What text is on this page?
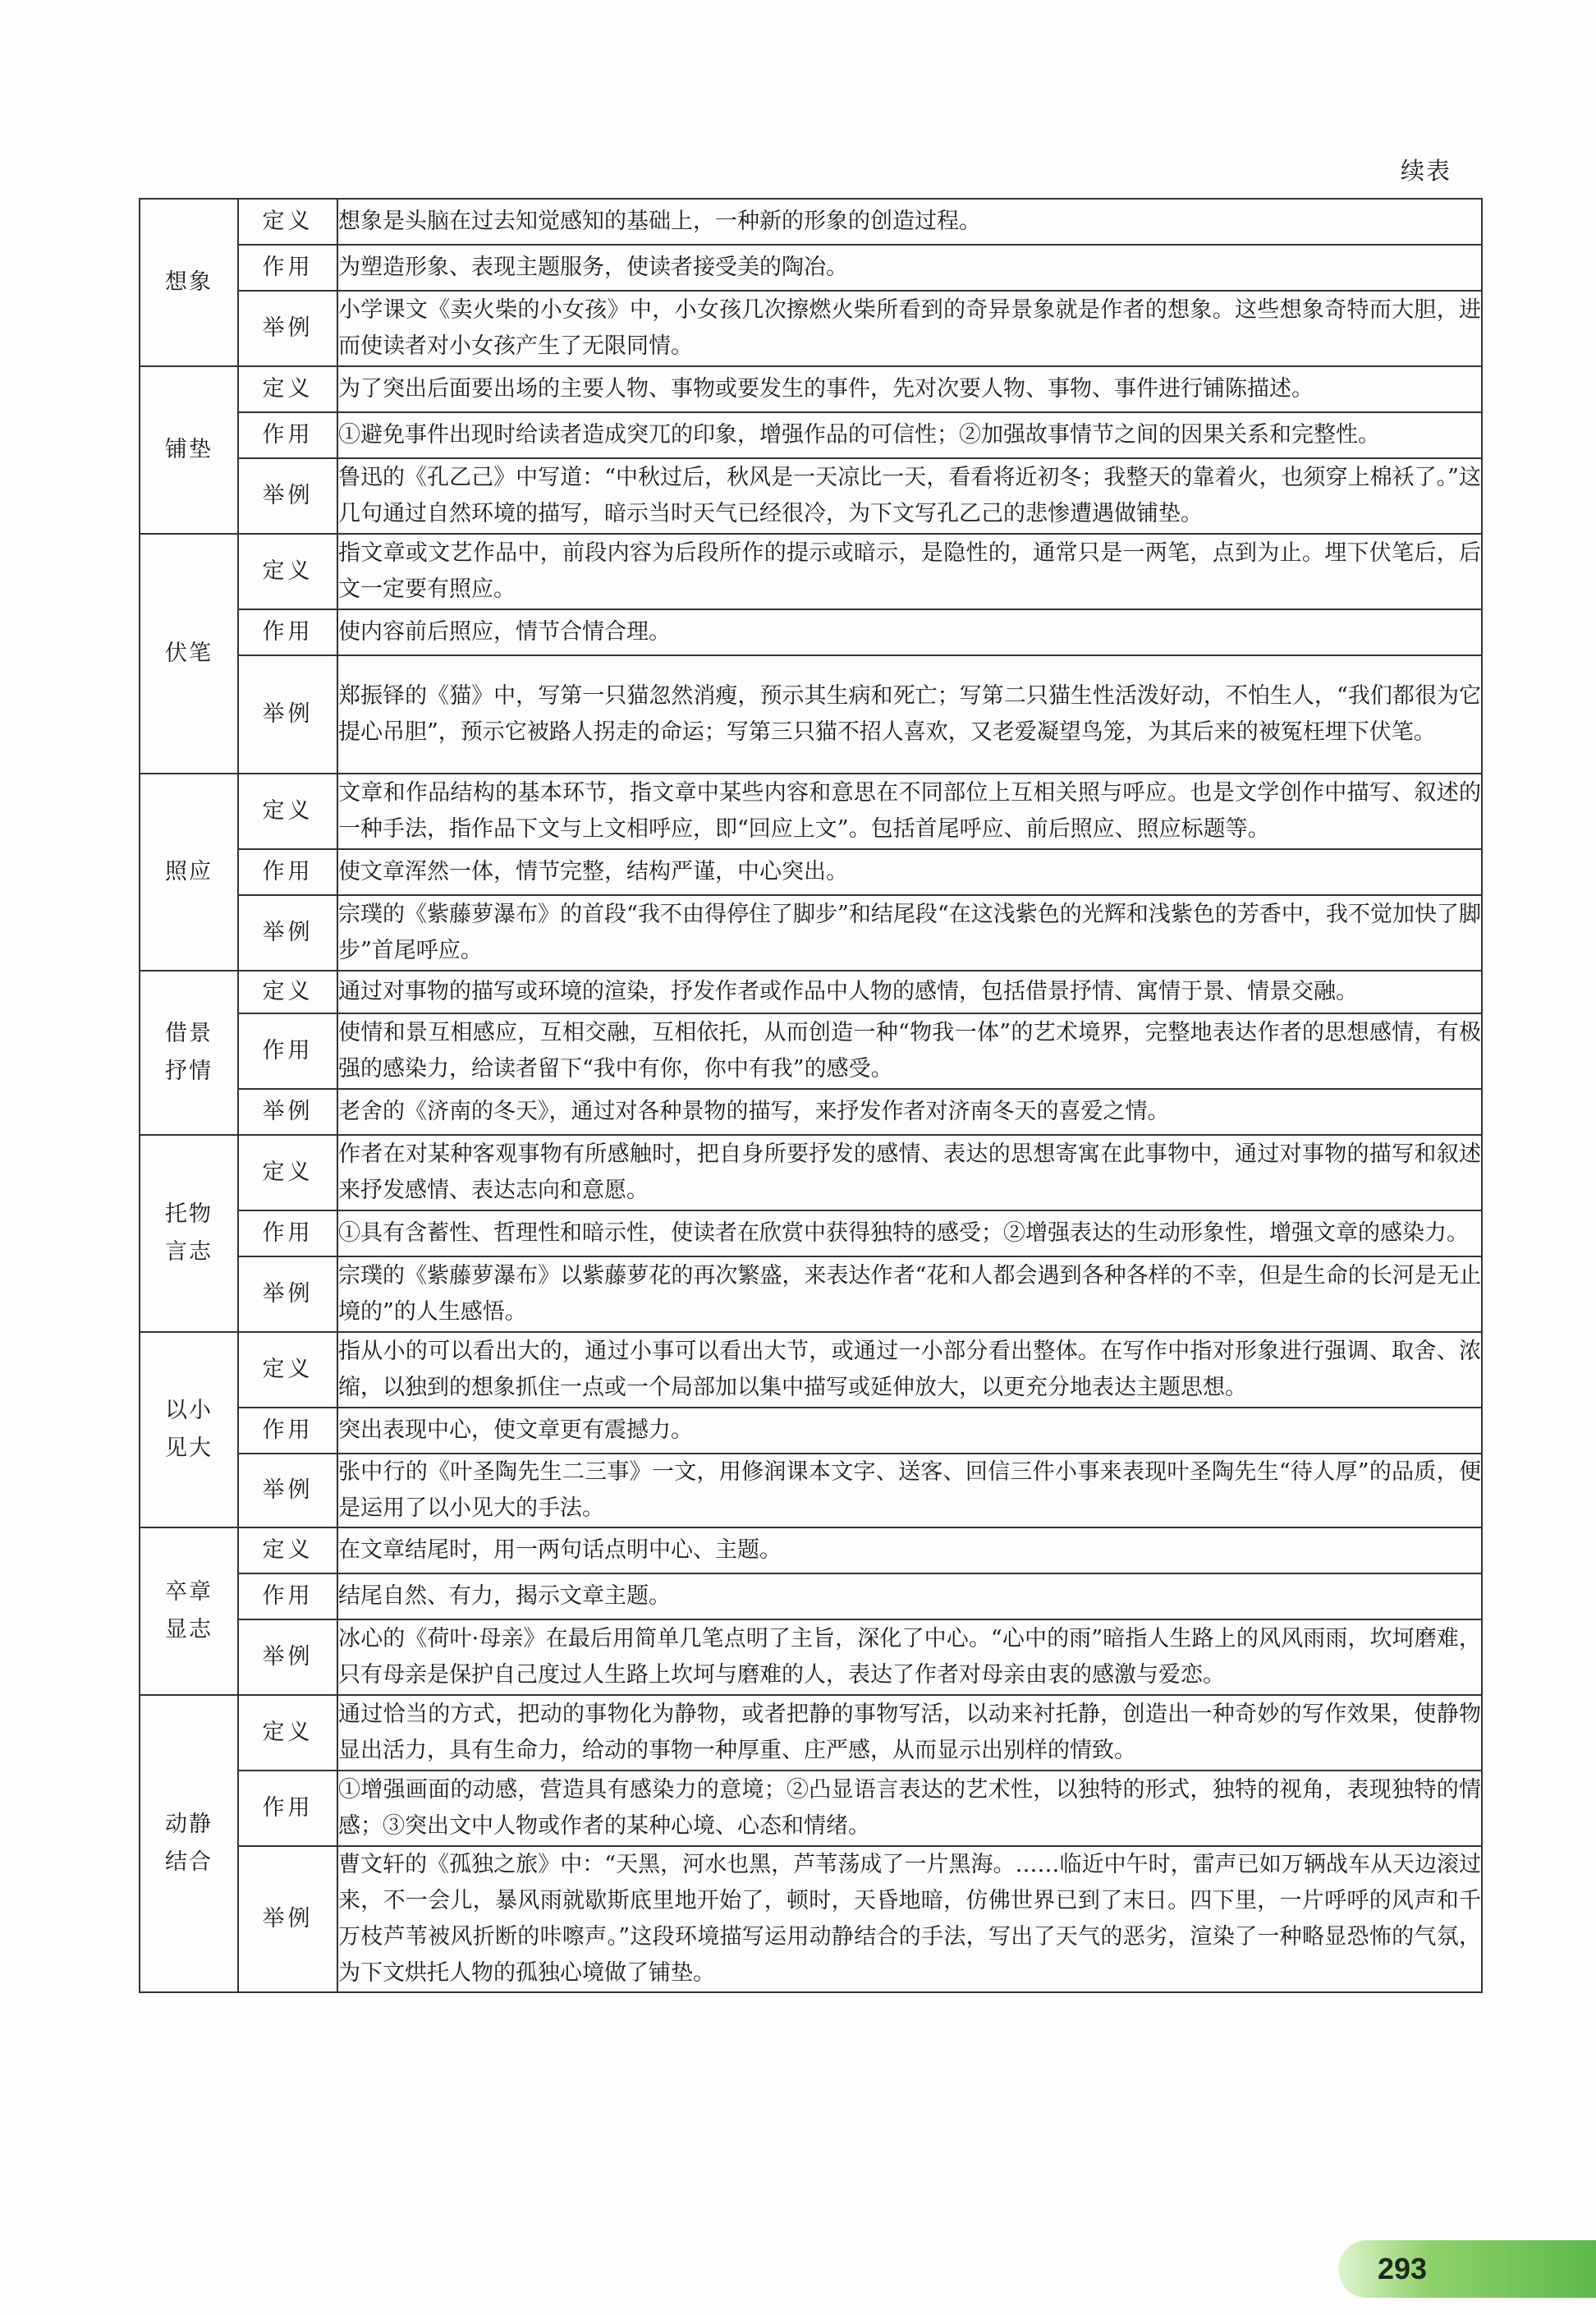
续表
想象	定义	想象是头脑在过去知觉感知的基础上，一种新的形象的创造过程。
	作用	为塑造形象、表现主题服务，使读者接受美的陶冶。
	举例	小学课文《卖火柴的小女孩》中，小女孩几次擦燃火柴所看到的奇异景象就是作者的想象。这些想象奇特而大胆，进而使读者对小女孩产生了无限同情。

铺垫	定义	为了突出后面要出场的主要人物、事物或要发生的事件，先对次要人物、事物、事件进行铺陈描述。
	作用	①避免事件出现时给读者造成突兀的印象，增强作品的可信性；②加强故事情节之间的因果关系和完整性。
	举例	鲁迅的《孔乙己》中写道：“中秋过后，秋风是一天凉比一天，看看将近初冬；我整天的靠着火，也须穿上棉袄了。”这几句通过自然环境的描写，暗示当时天气已经很冷，为下文写孔乙己的悲惨遭遇做铺垫。

伏笔	定义	指文章或文艺作品中，前段内容为后段所作的提示或暗示，是隐性的，通常只是一两笔，点到为止。埋下伏笔后，后文一定要有照应。
	作用	使内容前后照应，情节合情合理。
	举例	郑振铎的《猫》中，写第一只猫忽然消瘦，预示其生病和死亡；写第二只猫生性活泼好动，不怕生人，“我们都很为它提心吊胆”，预示它被路人拐走的命运；写第三只猫不招人喜欢，又老爱凝望鸟笼，为其后来的被冤枉埋下伏笔。

照应	定义	文章和作品结构的基本环节，指文章中某些内容和意思在不同部位上互相关照与呼应。也是文学创作中描写、叙述的一种手法，指作品下文与上文相呼应，即“回应上文”。包括首尾呼应、前后照应、照应标题等。
	作用	使文章浑然一体，情节完整，结构严谨，中心突出。
	举例	宗璞的《紫藤萝瀑布》的首段“我不由得停住了脚步”和结尾段“在这浅紫色的光辉和浅紫色的芳香中，我不觉加快了脚步”首尾呼应。

借景
抒情	定义	通过对事物的描写或环境的渲染，抒发作者或作品中人物的感情，包括借景抒情、寓情于景、情景交融。
	作用	使情和景互相感应，互相交融，互相依托，从而创造一种“物我一体”的艺术境界，完整地表达作者的思想感情，有极强的感染力，给读者留下“我中有你，你中有我”的感受。
	举例	老舍的《济南的冬天》，通过对各种景物的描写，来抒发作者对济南冬天的喜爱之情。

托物
言志	定义	作者在对某种客观事物有所感触时，把自身所要抒发的感情、表达的思想寄寓在此事物中，通过对事物的描写和叙述来抒发感情、表达志向和意愿。
	作用	①具有含蓄性、哲理性和暗示性，使读者在欣赏中获得独特的感受；②增强表达的生动形象性，增强文章的感染力。
	举例	宗璞的《紫藤萝瀑布》以紫藤萝花的再次繁盛，来表达作者“花和人都会遇到各种各样的不幸，但是生命的长河是无止境的”的人生感悟。

以小
见大	定义	指从小的可以看出大的，通过小事可以看出大节，或通过一小部分看出整体。在写作中指对形象进行强调、取舍、浓缩，以独到的想象抓住一点或一个局部加以集中描写或延伸放大，以更充分地表达主题思想。
	作用	突出表现中心，使文章更有震撼力。
	举例	张中行的《叶圣陶先生二三事》一文，用修润课本文字、送客、回信三件小事来表现叶圣陶先生“待人厚”的品质，便是运用了以小见大的手法。

卒章
显志	定义	在文章结尾时，用一两句话点明中心、主题。
	作用	结尾自然、有力，揭示文章主题。
	举例	冰心的《荷叶·母亲》在最后用简单几笔点明了主旨，深化了中心。“心中的雨”暗指人生路上的风风雨雨，坎坷磨难，只有母亲是保护自己度过人生路上坎坷与磨难的人，表达了作者对母亲由衷的感激与爱恋。

动静
结合	定义	通过恰当的方式，把动的事物化为静物，或者把静的事物写活，以动来衬托静，创造出一种奇妙的写作效果，使静物显出活力，具有生命力，给动的事物一种厚重、庄严感，从而显示出别样的情致。
	作用	①增强画面的动感，营造具有感染力的意境；②凸显语言表达的艺术性，以独特的形式，独特的视角，表现独特的情感；③突出文中人物或作者的某种心境、心态和情绪。
	举例	曹文轩的《孤独之旅》中：“天黑，河水也黑，芦苇荡成了一片黑海。……临近中午时，雷声已如万辆战车从天边滚过来，不一会儿，暴风雨就歇斯底里地开始了，顿时，天昏地暗，仿佛世界已到了末日。四下里，一片呼呼的风声和千万枝芦苇被风折断的咔嚓声。”这段环境描写运用动静结合的手法，写出了天气的恶劣，渲染了一种略显恐怖的气氛，为下文烘托人物的孤独心境做了铺垫。
293
